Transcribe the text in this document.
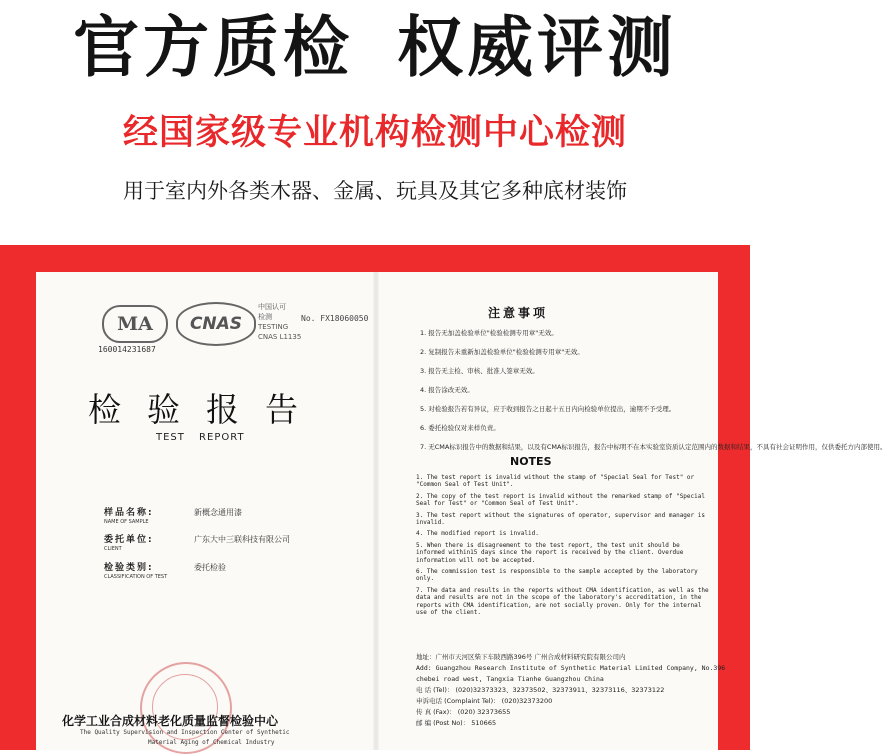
官方质检 权威评测
经国家级专业机构检测中心检测
用于室内外各类木器、金属、玩具及其它多种底材装饰
MA
160014231687
CNAS
中国认可
检测
TESTING
CNAS L1135
No. FX18060050
检验报告
TEST REPORT
样品名称:
NAME OF SAMPLE
新概念通用漆
委托单位:
CLIENT
广东大中三联科技有限公司
检验类别:
CLASSIFICATION OF TEST
委托检验
化学工业合成材料老化质量监督检验中心
The Quality Supervision and Inspection Center of Synthetic
Material Aging of Chemical Industry
注意事项
1. 报告无加盖检验单位"检验检测专用章"无效。
2. 复制报告未重新加盖检验单位"检验检测专用章"无效。
3. 报告无主检、审核、批准人签章无效。
4. 报告涂改无效。
5. 对检验报告若有异议，应于收到报告之日起十五日内向检验单位提出，逾期不予受理。
6. 委托检验仅对来样负责。
7. 无CMA标识报告中的数据和结果，以及有CMA标识报告，报告中标明不在本实验室资质认定范围内的数据和结果，不具有社会证明作用，仅供委托方内部使用。
NOTES
1. The test report is invalid without the stamp of "Special Seal for Test" or "Common Seal of Test Unit".
2. The copy of the test report is invalid without the remarked stamp of "Special Seal for Test" or "Common Seal of Test Unit".
3. The test report without the signatures of operator, supervisor and manager is invalid.
4. The modified report is invalid.
5. When there is disagreement to the test report, the test unit should be informed within15 days since the report is received by the client. Overdue information will not be accepted.
6. The commission test is responsible to the sample accepted by the laboratory only.
7. The data and results in the reports without CMA identification, as well as the data and results are not in the scope of the laboratory's accreditation, in the reports with CMA identification, are not socially proven. Only for the internal use of the client.
地址：广州市天河区柴下车陂西路396号 广州合成材料研究院有限公司内
Add: Guangzhou Research Institute of Synthetic Material Limited Company, No.396
chebei road west, Tangxia Tianhe Guangzhou China
电 话 (Tel)： (020)32373323、32373502、32373911、32373116、32373122
申诉电话 (Complaint Tel)： (020)32373200
传 真 (Fax)： (020) 32373655
邮 编 (Post No)： 510665
